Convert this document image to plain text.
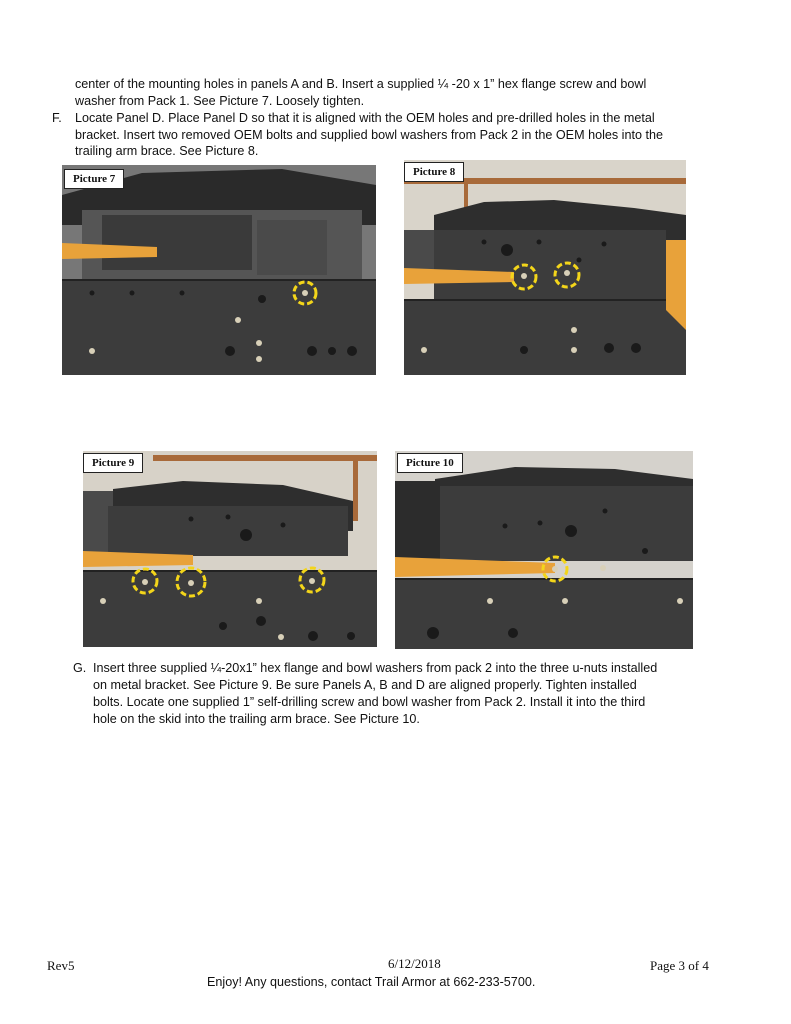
center of the mounting holes in panels A and B. Insert a supplied ¼ -20 x 1” hex flange screw and bowl
washer from Pack 1. See Picture 7. Loosely tighten.
F. Locate Panel D. Place Panel D so that it is aligned with the OEM holes and pre-drilled holes in the metal
bracket. Insert two removed OEM bolts and supplied bowl washers from Pack 2 in the OEM holes into the
trailing arm brace. See Picture 8.
Picture 7
Picture 8
Picture 9	Picture 10
G. Insert three supplied ¼-20x1” hex flange and bowl washers from pack 2 into the three u-nuts installed
on metal bracket. See Picture 9. Be sure Panels A, B and D are aligned properly. Tighten installed
bolts. Locate one supplied 1” self-drilling screw and bowl washer from Pack 2. Install it into the third
hole on the skid into the trailing arm brace. See Picture 10.
Rev5	6/12/2018	Page 3 of 4
Enjoy! Any questions, contact Trail Armor at 662-233-5700.
